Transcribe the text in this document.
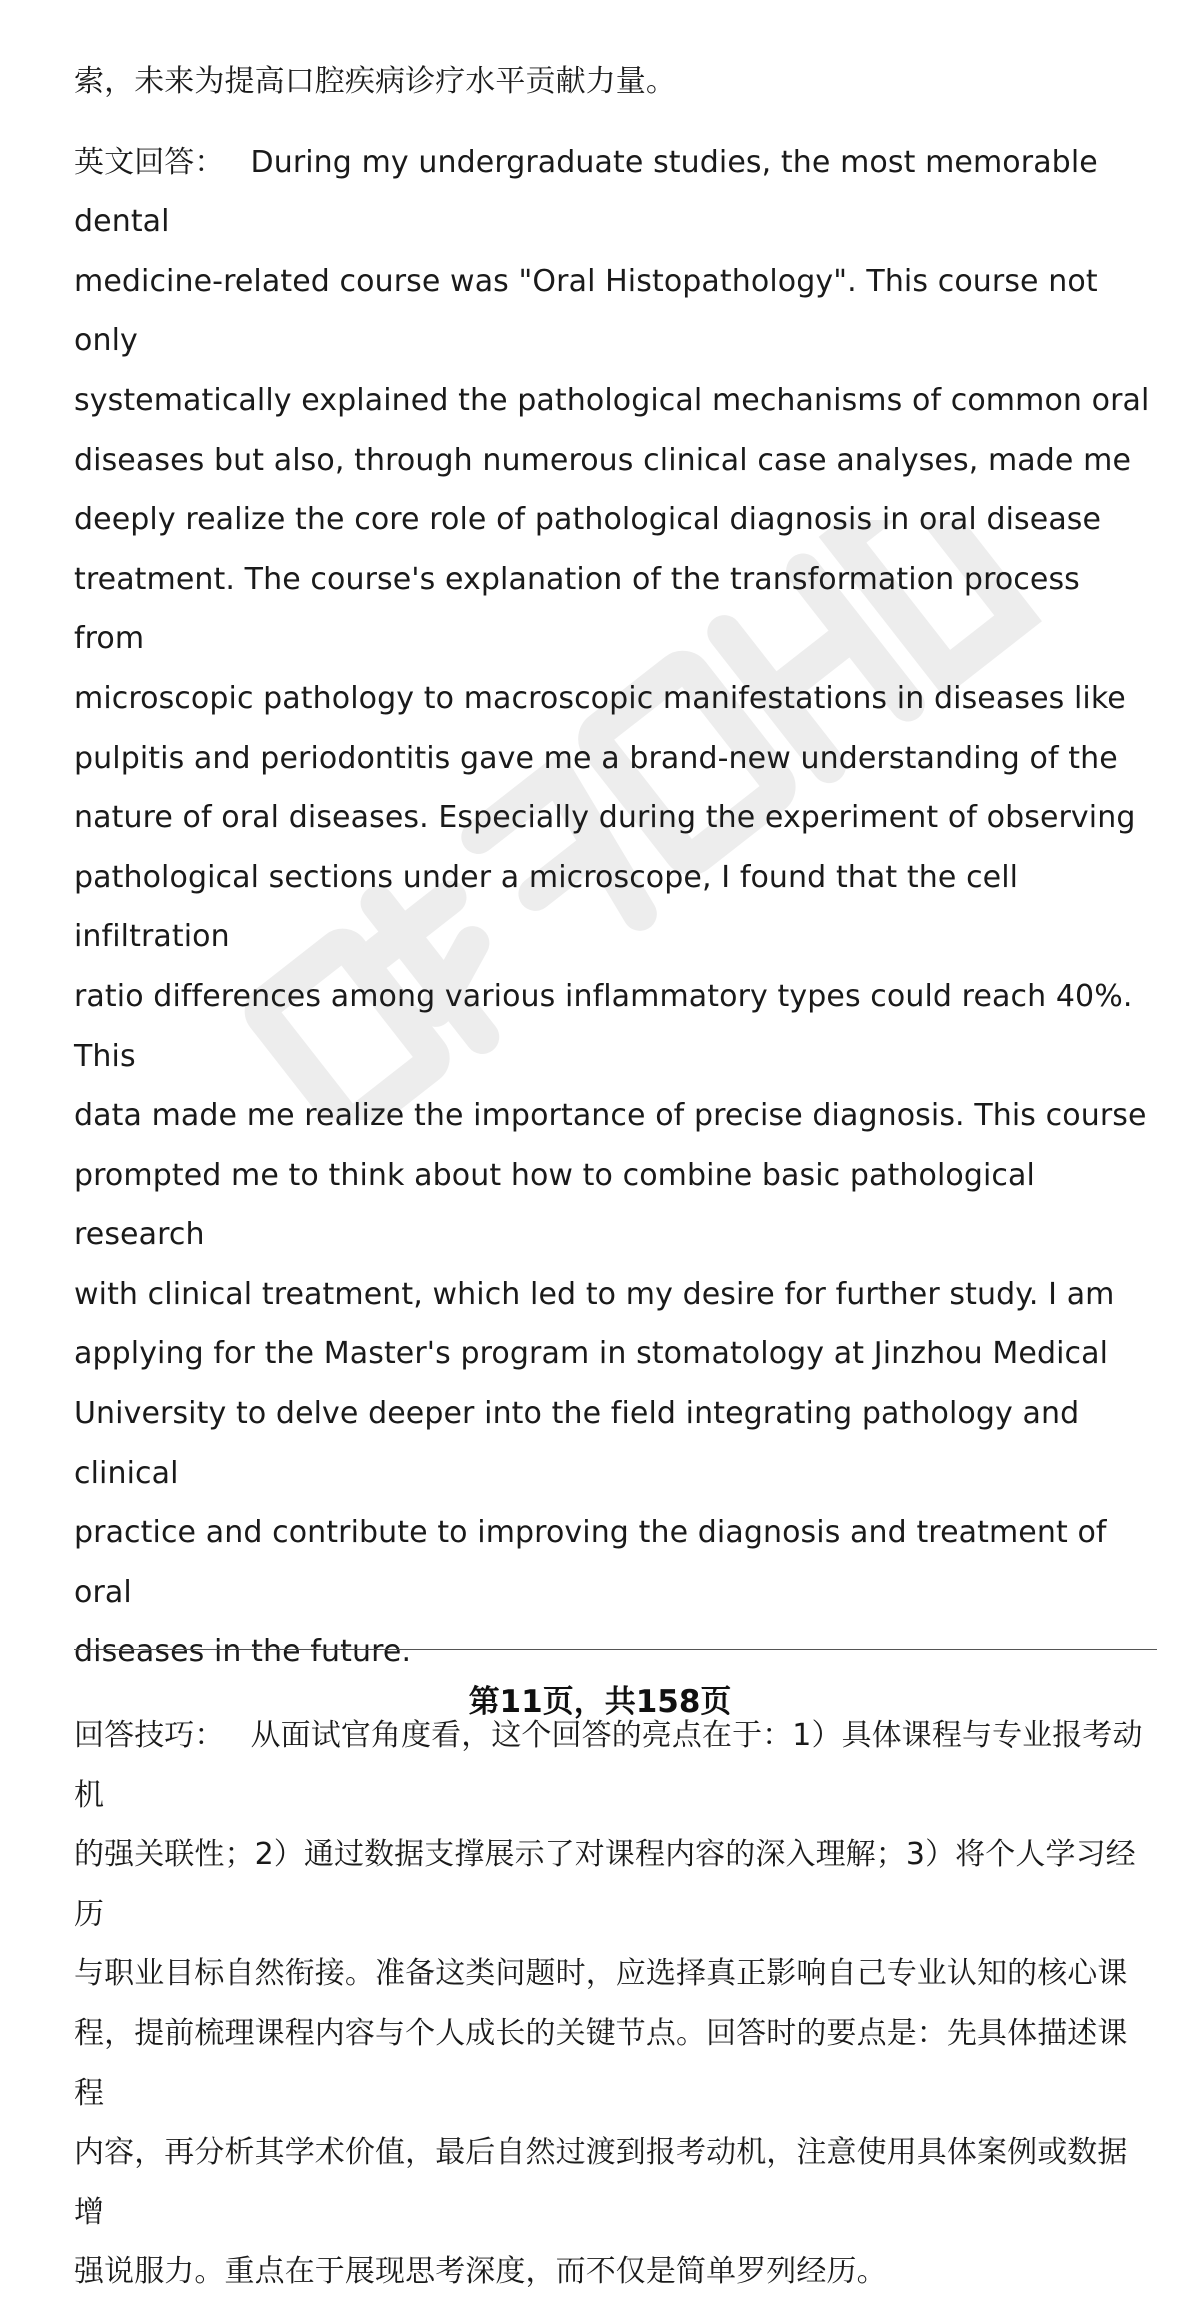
索，未来为提高口腔疾病诊疗水平贡献力量。

英文回答： During my undergraduate studies, the most memorable dental
medicine-related course was "Oral Histopathology". This course not only
systematically explained the pathological mechanisms of common oral
diseases but also, through numerous clinical case analyses, made me
deeply realize the core role of pathological diagnosis in oral disease
treatment. The course's explanation of the transformation process from
microscopic pathology to macroscopic manifestations in diseases like
pulpitis and periodontitis gave me a brand-new understanding of the
nature of oral diseases. Especially during the experiment of observing
pathological sections under a microscope, I found that the cell infiltration
ratio differences among various inflammatory types could reach 40%. This
data made me realize the importance of precise diagnosis. This course
prompted me to think about how to combine basic pathological research
with clinical treatment, which led to my desire for further study. I am
applying for the Master's program in stomatology at Jinzhou Medical
University to delve deeper into the field integrating pathology and clinical
practice and contribute to improving the diagnosis and treatment of oral
diseases in the future.

回答技巧： 从面试官角度看，这个回答的亮点在于：1）具体课程与专业报考动机
的强关联性；2）通过数据支撑展示了对课程内容的深入理解；3）将个人学习经历
与职业目标自然衔接。准备这类问题时，应选择真正影响自己专业认知的核心课
程，提前梳理课程内容与个人成长的关键节点。回答时的要点是：先具体描述课程
内容，再分析其学术价值，最后自然过渡到报考动机，注意使用具体案例或数据增
强说服力。重点在于展现思考深度，而不仅是简单罗列经历。

第11页，共158页
